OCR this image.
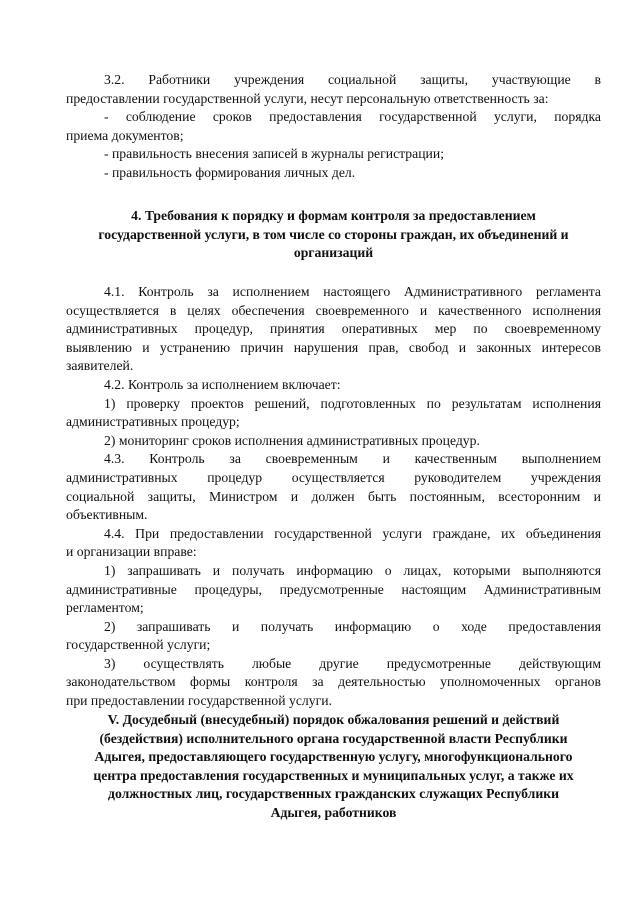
3.2. Работники учреждения социальной защиты, участвующие в
предоставлении государственной услуги, несут персональную ответственность за:
- соблюдение сроков предоставления государственной услуги, порядка
приема документов;
- правильность внесения записей в журналы регистрации;
- правильность формирования личных дел.
4. Требования к порядку и формам контроля за предоставлением
государственной услуги, в том числе со стороны граждан, их объединений и
организаций
4.1. Контроль за исполнением настоящего Административного регламента
осуществляется в целях обеспечения своевременного и качественного исполнения
административных процедур, принятия оперативных мер по своевременному
выявлению и устранению причин нарушения прав, свобод и законных интересов
заявителей.
4.2. Контроль за исполнением включает:
1) проверку проектов решений, подготовленных по результатам исполнения
административных процедур;
2) мониторинг сроков исполнения административных процедур.
4.3. Контроль за своевременным и качественным выполнением
административных процедур осуществляется руководителем учреждения
социальной защиты, Министром и должен быть постоянным, всесторонним и
объективным.
4.4. При предоставлении государственной услуги граждане, их объединения
и организации вправе:
1) запрашивать и получать информацию о лицах, которыми выполняются
административные процедуры, предусмотренные настоящим Административным
регламентом;
2) запрашивать и получать информацию о ходе предоставления
государственной услуги;
3) осуществлять любые другие предусмотренные действующим
законодательством формы контроля за деятельностью уполномоченных органов
при предоставлении государственной услуги.
V. Досудебный (внесудебный) порядок обжалования решений и действий
(бездействия) исполнительного органа государственной власти Республики
Адыгея, предоставляющего государственную услугу, многофункционального
центра предоставления государственных и муниципальных услуг, а также их
должностных лиц, государственных гражданских служащих Республики
Адыгея, работников
